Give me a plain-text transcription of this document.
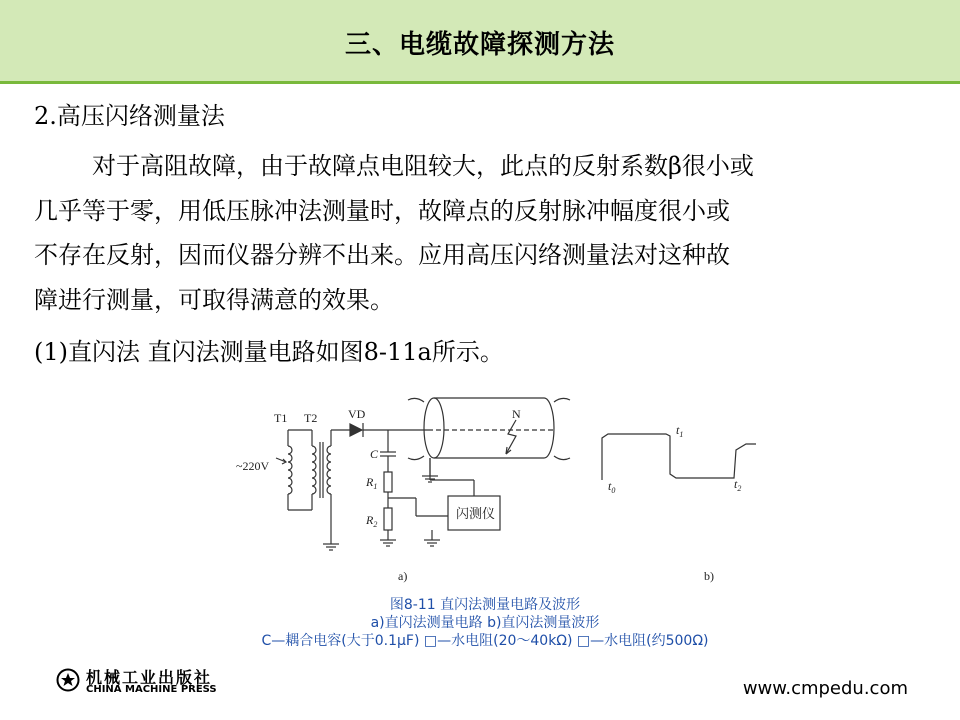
三、电缆故障探测方法
2.高压闪络测量法
对于高阻故障，由于故障点电阻较大，此点的反射系数β很小或
几乎等于零，用低压脉冲法测量时，故障点的反射脉冲幅度很小或
不存在反射，因而仪器分辨不出来。应用高压闪络测量法对这种故
障进行测量，可取得满意的效果。
(1)直闪法 直闪法测量电路如图8-11a所示。
T1 T2	VD	N
~220V
C
$R_1$
$R_2$
闪测仪
$t_1$
$t_0$	$t_2$
a)	b)
图8-11 直闪法测量电路及波形
a)直闪法测量电路 b)直闪法测量波形
C—耦合电容(大于0.1μF) □—水电阻(20～40kΩ) □—水电阻(约500Ω)
机械工业出版社
CHINA MACHINE PRESS	www.cmpedu.com
